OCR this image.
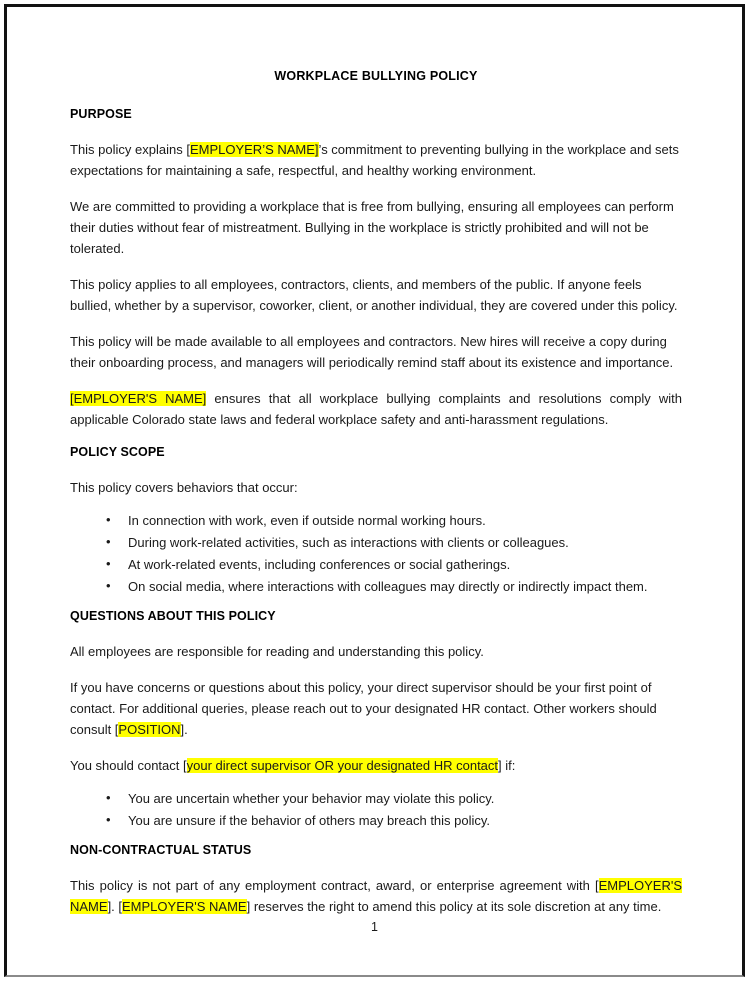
WORKPLACE BULLYING POLICY
PURPOSE

This policy explains [EMPLOYER’S NAME]’s commitment to preventing bullying in the workplace and sets expectations for maintaining a safe, respectful, and healthy working environment.

We are committed to providing a workplace that is free from bullying, ensuring all employees can perform their duties without fear of mistreatment. Bullying in the workplace is strictly prohibited and will not be tolerated.

This policy applies to all employees, contractors, clients, and members of the public. If anyone feels bullied, whether by a supervisor, coworker, client, or another individual, they are covered under this policy.

This policy will be made available to all employees and contractors. New hires will receive a copy during their onboarding process, and managers will periodically remind staff about its existence and importance.

[EMPLOYER'S NAME] ensures that all workplace bullying complaints and resolutions comply with applicable Colorado state laws and federal workplace safety and anti-harassment regulations.

POLICY SCOPE

This policy covers behaviors that occur:

• In connection with work, even if outside normal working hours.
• During work-related activities, such as interactions with clients or colleagues.
• At work-related events, including conferences or social gatherings.
• On social media, where interactions with colleagues may directly or indirectly impact them.
QUESTIONS ABOUT THIS POLICY

All employees are responsible for reading and understanding this policy.

If you have concerns or questions about this policy, your direct supervisor should be your first point of contact. For additional queries, please reach out to your designated HR contact. Other workers should consult [POSITION].

You should contact [your direct supervisor OR your designated HR contact] if:

• You are uncertain whether your behavior may violate this policy.
• You are unsure if the behavior of others may breach this policy.
NON-CONTRACTUAL STATUS

This policy is not part of any employment contract, award, or enterprise agreement with [EMPLOYER'S NAME]. [EMPLOYER'S NAME] reserves the right to amend this policy at its sole discretion at any time.

1
